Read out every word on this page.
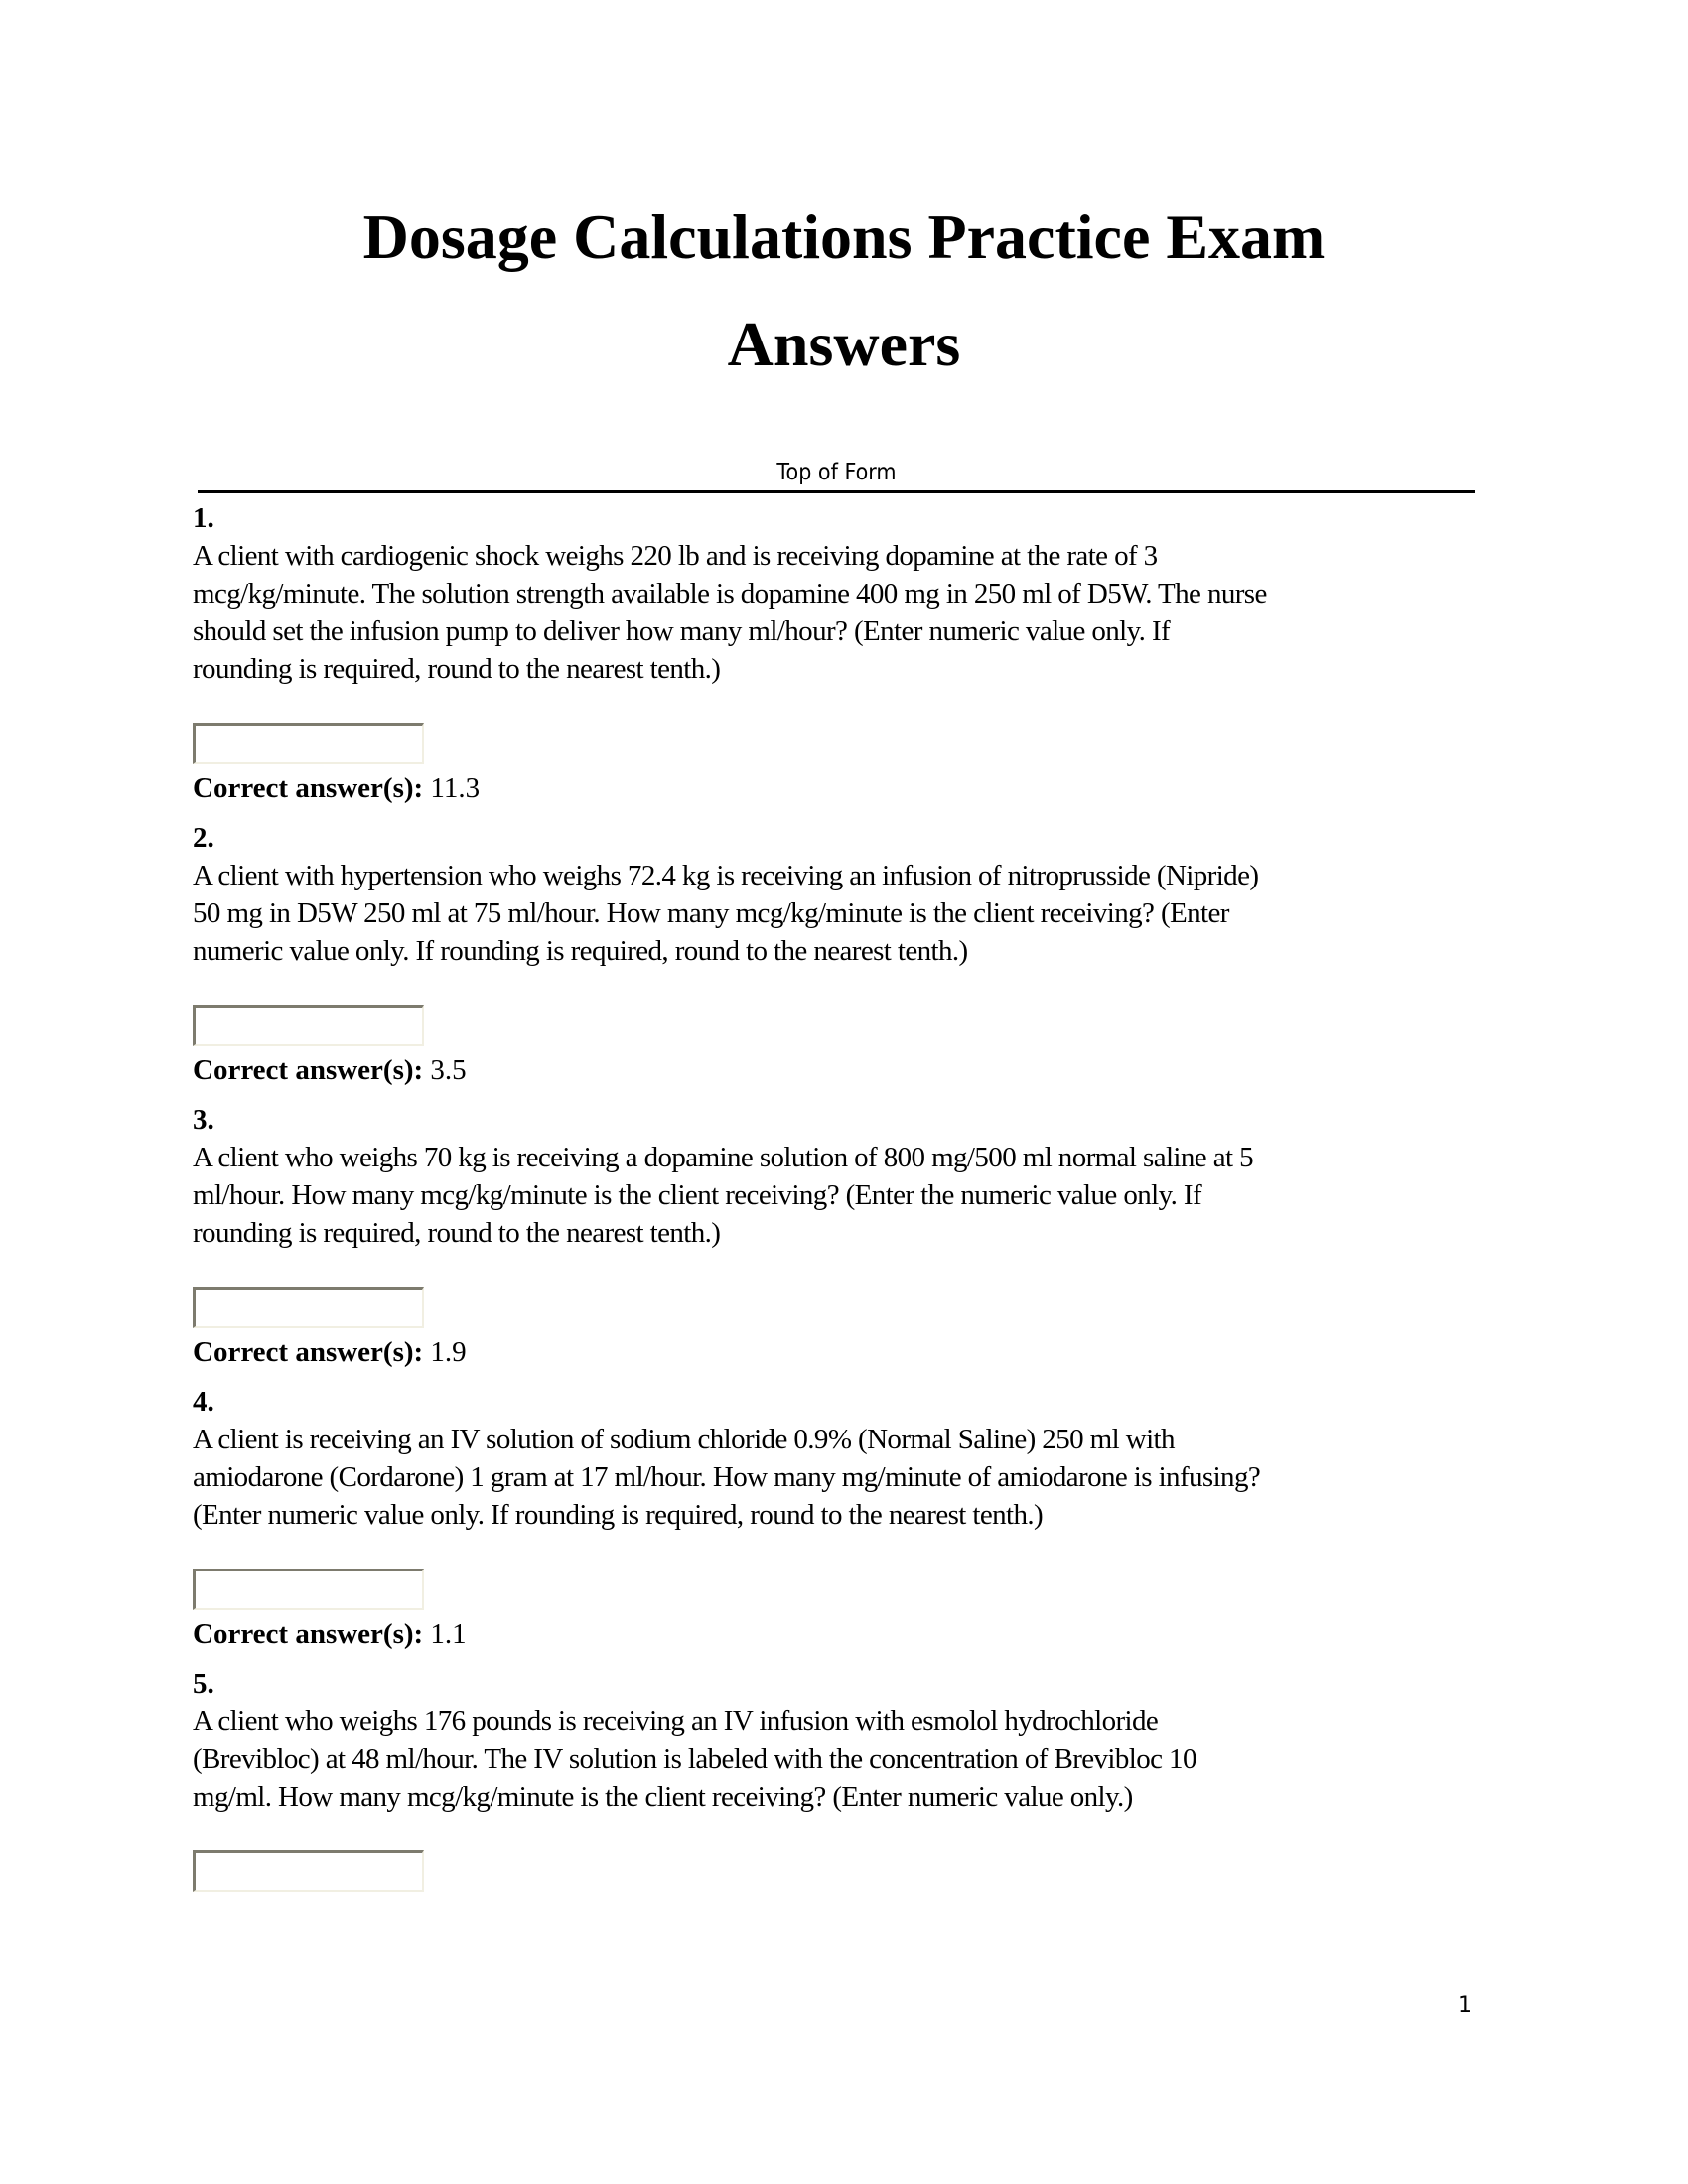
Dosage Calculations Practice Exam
Answers
Top of Form
1.
A client with cardiogenic shock weighs 220 lb and is receiving dopamine at the rate of 3
mcg/kg/minute. The solution strength available is dopamine 400 mg in 250 ml of D5W. The nurse
should set the infusion pump to deliver how many ml/hour? (Enter numeric value only. If
rounding is required, round to the nearest tenth.)
Correct answer(s): 11.3
2.
A client with hypertension who weighs 72.4 kg is receiving an infusion of nitroprusside (Nipride)
50 mg in D5W 250 ml at 75 ml/hour. How many mcg/kg/minute is the client receiving? (Enter
numeric value only. If rounding is required, round to the nearest tenth.)
Correct answer(s): 3.5
3.
A client who weighs 70 kg is receiving a dopamine solution of 800 mg/500 ml normal saline at 5
ml/hour. How many mcg/kg/minute is the client receiving? (Enter the numeric value only. If
rounding is required, round to the nearest tenth.)
Correct answer(s): 1.9
4.
A client is receiving an IV solution of sodium chloride 0.9% (Normal Saline) 250 ml with
amiodarone (Cordarone) 1 gram at 17 ml/hour. How many mg/minute of amiodarone is infusing?
(Enter numeric value only. If rounding is required, round to the nearest tenth.)
Correct answer(s): 1.1
5.
A client who weighs 176 pounds is receiving an IV infusion with esmolol hydrochloride
(Brevibloc) at 48 ml/hour. The IV solution is labeled with the concentration of Brevibloc 10
mg/ml. How many mcg/kg/minute is the client receiving? (Enter numeric value only.)
1
